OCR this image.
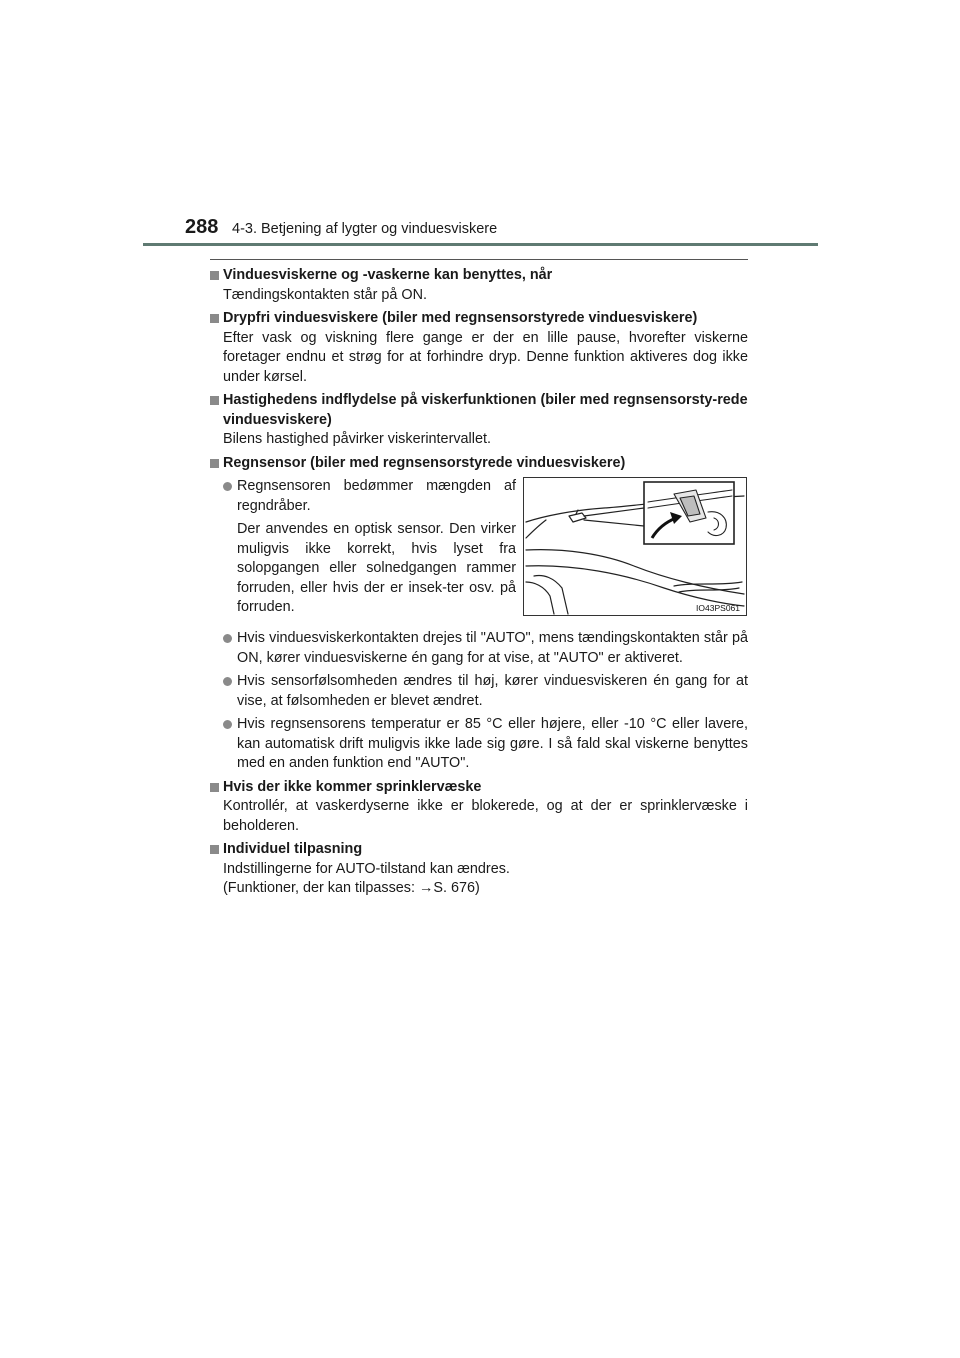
288 4-3. Betjening af lygter og vinduesviskere
Vinduesviskerne og -vaskerne kan benyttes, når
Tændingskontakten står på ON.
Drypfri vinduesviskere (biler med regnsensorstyrede vinduesviskere)
Efter vask og viskning flere gange er der en lille pause, hvorefter viskerne foretager endnu et strøg for at forhindre dryp. Denne funktion aktiveres dog ikke under kørsel.
Hastighedens indflydelse på viskerfunktionen (biler med regnsensorsty-rede vinduesviskere)
Bilens hastighed påvirker viskerintervallet.
Regnsensor (biler med regnsensorstyrede vinduesviskere)
Regnsensoren bedømmer mængden af regndråber.
Der anvendes en optisk sensor. Den virker muligvis ikke korrekt, hvis lyset fra solopgangen eller solnedgangen rammer forruden, eller hvis der er insek-ter osv. på forruden.	IO43PS061
Hvis vinduesviskerkontakten drejes til "AUTO", mens tændingskontakten står på ON, kører vinduesviskerne én gang for at vise, at "AUTO" er aktiveret.
Hvis sensorfølsomheden ændres til høj, kører vinduesviskeren én gang for at vise, at følsomheden er blevet ændret.
Hvis regnsensorens temperatur er 85 °C eller højere, eller -10 °C eller lavere, kan automatisk drift muligvis ikke lade sig gøre. I så fald skal viskerne benyttes med en anden funktion end "AUTO".
Hvis der ikke kommer sprinklervæske
Kontrollér, at vaskerdyserne ikke er blokerede, og at der er sprinklervæske i beholderen.
Individuel tilpasning
Indstillingerne for AUTO-tilstand kan ændres.
(Funktioner, der kan tilpasses: →S. 676)
